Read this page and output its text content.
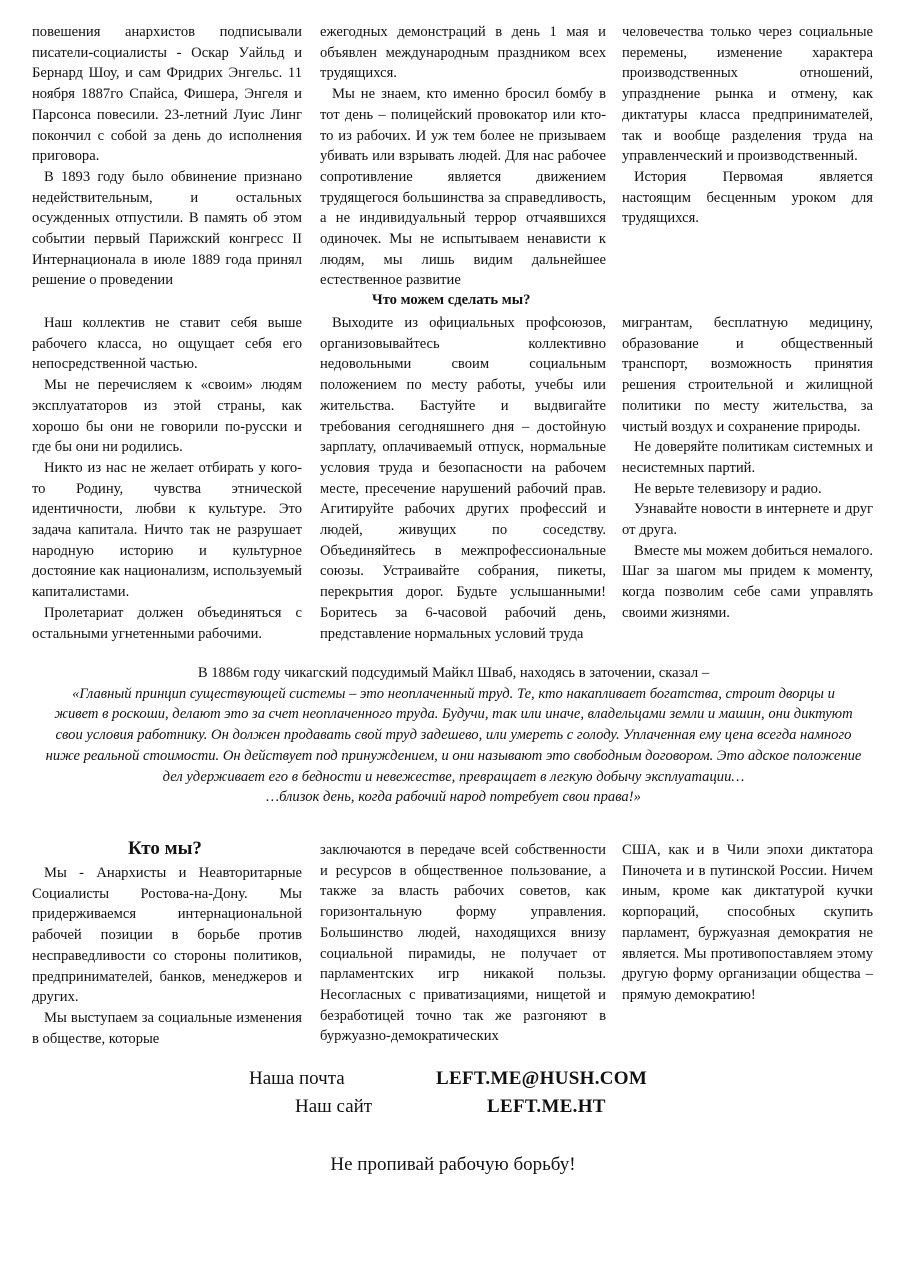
повешения анархистов подписывали писатели-социалисты - Оскар Уайльд и Бернард Шоу, и сам Фридрих Энгельс. 11 ноября 1887го Спайса, Фишера, Энгеля и Парсонса повесили. 23-летний Луис Линг покончил с собой за день до исполнения приговора.

В 1893 году было обвинение признано недействительным, и остальных осужденных отпустили. В память об этом событии первый Парижский конгресс II Интернационала в июле 1889 года принял решение о проведении

ежегодных демонстраций в день 1 мая и объявлен международным праздником всех трудящихся.

Мы не знаем, кто именно бросил бомбу в тот день – полицейский провокатор или кто-то из рабочих. И уж тем более не призываем убивать или взрывать людей. Для нас рабочее сопротивление является движением трудящегося большинства за справедливость, а не индивидуальный террор отчаявшихся одиночек. Мы не испытываем ненависти к людям, мы лишь видим дальнейшее естественное развитие

человечества только через социальные перемены, изменение характера производственных отношений, упразднение рынка и отмену, как диктатуры класса предпринимателей, так и вообще разделения труда на управленческий и производственный.

История Первомая является настоящим бесценным уроком для трудящихся.

Что можем сделать мы?

Наш коллектив не ставит себя выше рабочего класса, но ощущает себя его непосредственной частью.

Мы не перечисляем к «своим» людям эксплуататоров из этой страны, как хорошо бы они не говорили по-русски и где бы они ни родились.

Никто из нас не желает отбирать у кого-то Родину, чувства этнической идентичности, любви к культуре. Это задача капитала. Ничто так не разрушает народную историю и культурное достояние как национализм, используемый капиталистами.

Пролетариат должен объединяться с остальными угнетенными рабочими.

Выходите из официальных профсоюзов, организовывайтесь коллективно недовольными своим социальным положением по месту работы, учебы или жительства. Бастуйте и выдвигайте требования сегодняшнего дня – достойную зарплату, оплачиваемый отпуск, нормальные условия труда и безопасности на рабочем месте, пресечение нарушений рабочий прав. Агитируйте рабочих других профессий и людей, живущих по соседству. Объединяйтесь в межпрофессиональные союзы. Устраивайте собрания, пикеты, перекрытия дорог. Будьте услышанными! Боритесь за 6-часовой рабочий день, представление нормальных условий труда

мигрантам, бесплатную медицину, образование и общественный транспорт, возможность принятия решения строительной и жилищной политики по месту жительства, за чистый воздух и сохранение природы.

Не доверяйте политикам системных и несистемных партий.

Не верьте телевизору и радио.

Узнавайте новости в интернете и друг от друга.

Вместе мы можем добиться немалого. Шаг за шагом мы придем к моменту, когда позволим себе сами управлять своими жизнями.

В 1886м году чикагский подсудимый Майкл Шваб, находясь в заточении, сказал –

«Главный принцип существующей системы – это неоплаченный труд. Те, кто накапливает богатства, строит дворцы и

живет в роскоши, делают это за счет неоплаченного труда. Будучи, так или иначе, владельцами земли и машин, они диктуют

свои условия работнику. Он должен продавать свой труд задешево, или умереть с голоду. Уплаченная ему цена всегда намного

ниже реальной стоимости. Он действует под принуждением, и они называют это свободным договором. Это адское положение

дел удерживает его в бедности и невежестве, превращает в легкую добычу эксплуатации…

…близок день, когда рабочий народ потребует свои права!»

Кто мы?

Мы - Анархисты и Неавторитарные Социалисты Ростова-на-Дону. Мы придерживаемся интернациональной рабочей позиции в борьбе против несправедливости со стороны политиков, предпринимателей, банков, менеджеров и других.

Мы выступаем за социальные изменения в обществе, которые

заключаются в передаче всей собственности и ресурсов в общественное пользование, а также за власть рабочих советов, как горизонтальную форму управления. Большинство людей, находящихся внизу социальной пирамиды, не получает от парламентских игр никакой пользы. Несогласных с приватизациями, нищетой и безработицей точно так же разгоняют в буржуазно-демократических

США, как и в Чили эпохи диктатора Пиночета и в путинской России. Ничем иным, кроме как диктатурой кучки корпораций, способных скупить парламент, буржуазная демократия не является. Мы противопоставляем этому другую форму организации общества – прямую демократию!

Наша почта	LEFT.ME@HUSH.COM
Наш сайт	LEFT.ME.HT
Не пропивай рабочую борьбу!
